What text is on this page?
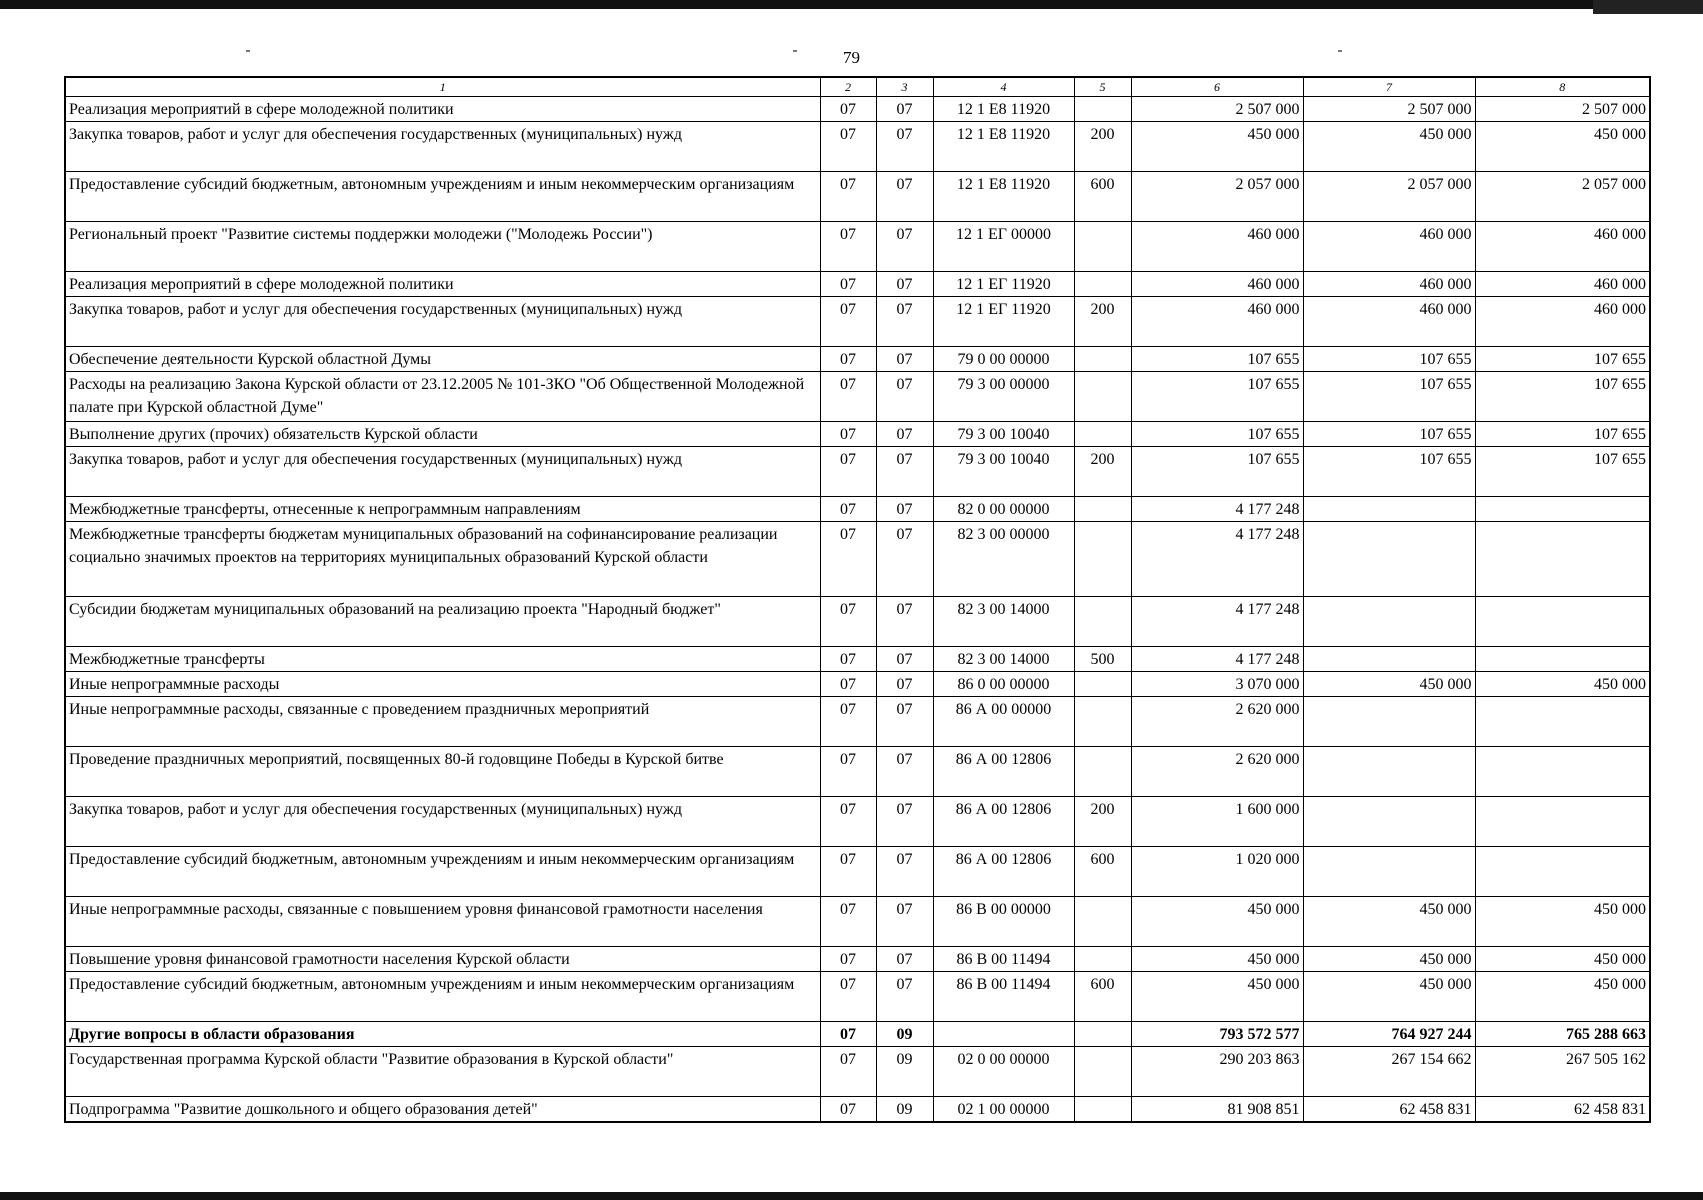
79
1	2	3	4	5	6	7	8
Реализация мероприятий в сфере молодежной политики	07	07	12 1 Е8 11920		2 507 000	2 507 000	2 507 000
Закупка товаров, работ и услуг для обеспечения государственных (муниципальных) нужд	07	07	12 1 Е8 11920	200	450 000	450 000	450 000
Предоставление субсидий бюджетным, автономным учреждениям и иным некоммерческим организациям	07	07	12 1 Е8 11920	600	2 057 000	2 057 000	2 057 000
Региональный проект "Развитие системы поддержки молодежи ("Молодежь России")	07	07	12 1 ЕГ 00000		460 000	460 000	460 000
Реализация мероприятий в сфере молодежной политики	07	07	12 1 ЕГ 11920		460 000	460 000	460 000
Закупка товаров, работ и услуг для обеспечения государственных (муниципальных) нужд	07	07	12 1 ЕГ 11920	200	460 000	460 000	460 000
Обеспечение деятельности Курской областной Думы	07	07	79 0 00 00000		107 655	107 655	107 655
Расходы на реализацию Закона Курской области от 23.12.2005 № 101-ЗКО "Об Общественной Молодежной палате при Курской областной Думе"	07	07	79 3 00 00000		107 655	107 655	107 655
Выполнение других (прочих) обязательств Курской области	07	07	79 3 00 10040		107 655	107 655	107 655
Закупка товаров, работ и услуг для обеспечения государственных (муниципальных) нужд	07	07	79 3 00 10040	200	107 655	107 655	107 655
Межбюджетные трансферты, отнесенные к непрограммным направлениям	07	07	82 0 00 00000		4 177 248		
Межбюджетные трансферты бюджетам муниципальных образований на софинансирование реализации социально значимых проектов на территориях муниципальных образований Курской области	07	07	82 3 00 00000		4 177 248		
Субсидии бюджетам муниципальных образований на реализацию проекта "Народный бюджет"	07	07	82 3 00 14000		4 177 248		
Межбюджетные трансферты	07	07	82 3 00 14000	500	4 177 248		
Иные непрограммные расходы	07	07	86 0 00 00000		3 070 000	450 000	450 000
Иные непрограммные расходы, связанные с проведением праздничных мероприятий	07	07	86 А 00 00000		2 620 000		
Проведение праздничных мероприятий, посвященных 80-й годовщине Победы в Курской битве	07	07	86 А 00 12806		2 620 000		
Закупка товаров, работ и услуг для обеспечения государственных (муниципальных) нужд	07	07	86 А 00 12806	200	1 600 000		
Предоставление субсидий бюджетным, автономным учреждениям и иным некоммерческим организациям	07	07	86 А 00 12806	600	1 020 000		
Иные непрограммные расходы, связанные с повышением уровня финансовой грамотности населения	07	07	86 В 00 00000		450 000	450 000	450 000
Повышение уровня финансовой грамотности населения Курской области	07	07	86 В 00 11494		450 000	450 000	450 000
Предоставление субсидий бюджетным, автономным учреждениям и иным некоммерческим организациям	07	07	86 В 00 11494	600	450 000	450 000	450 000
Другие вопросы в области образования	07	09			793 572 577	764 927 244	765 288 663
Государственная программа Курской области "Развитие образования в Курской области"	07	09	02 0 00 00000		290 203 863	267 154 662	267 505 162
Подпрограмма "Развитие дошкольного и общего образования детей"	07	09	02 1 00 00000		81 908 851	62 458 831	62 458 831
